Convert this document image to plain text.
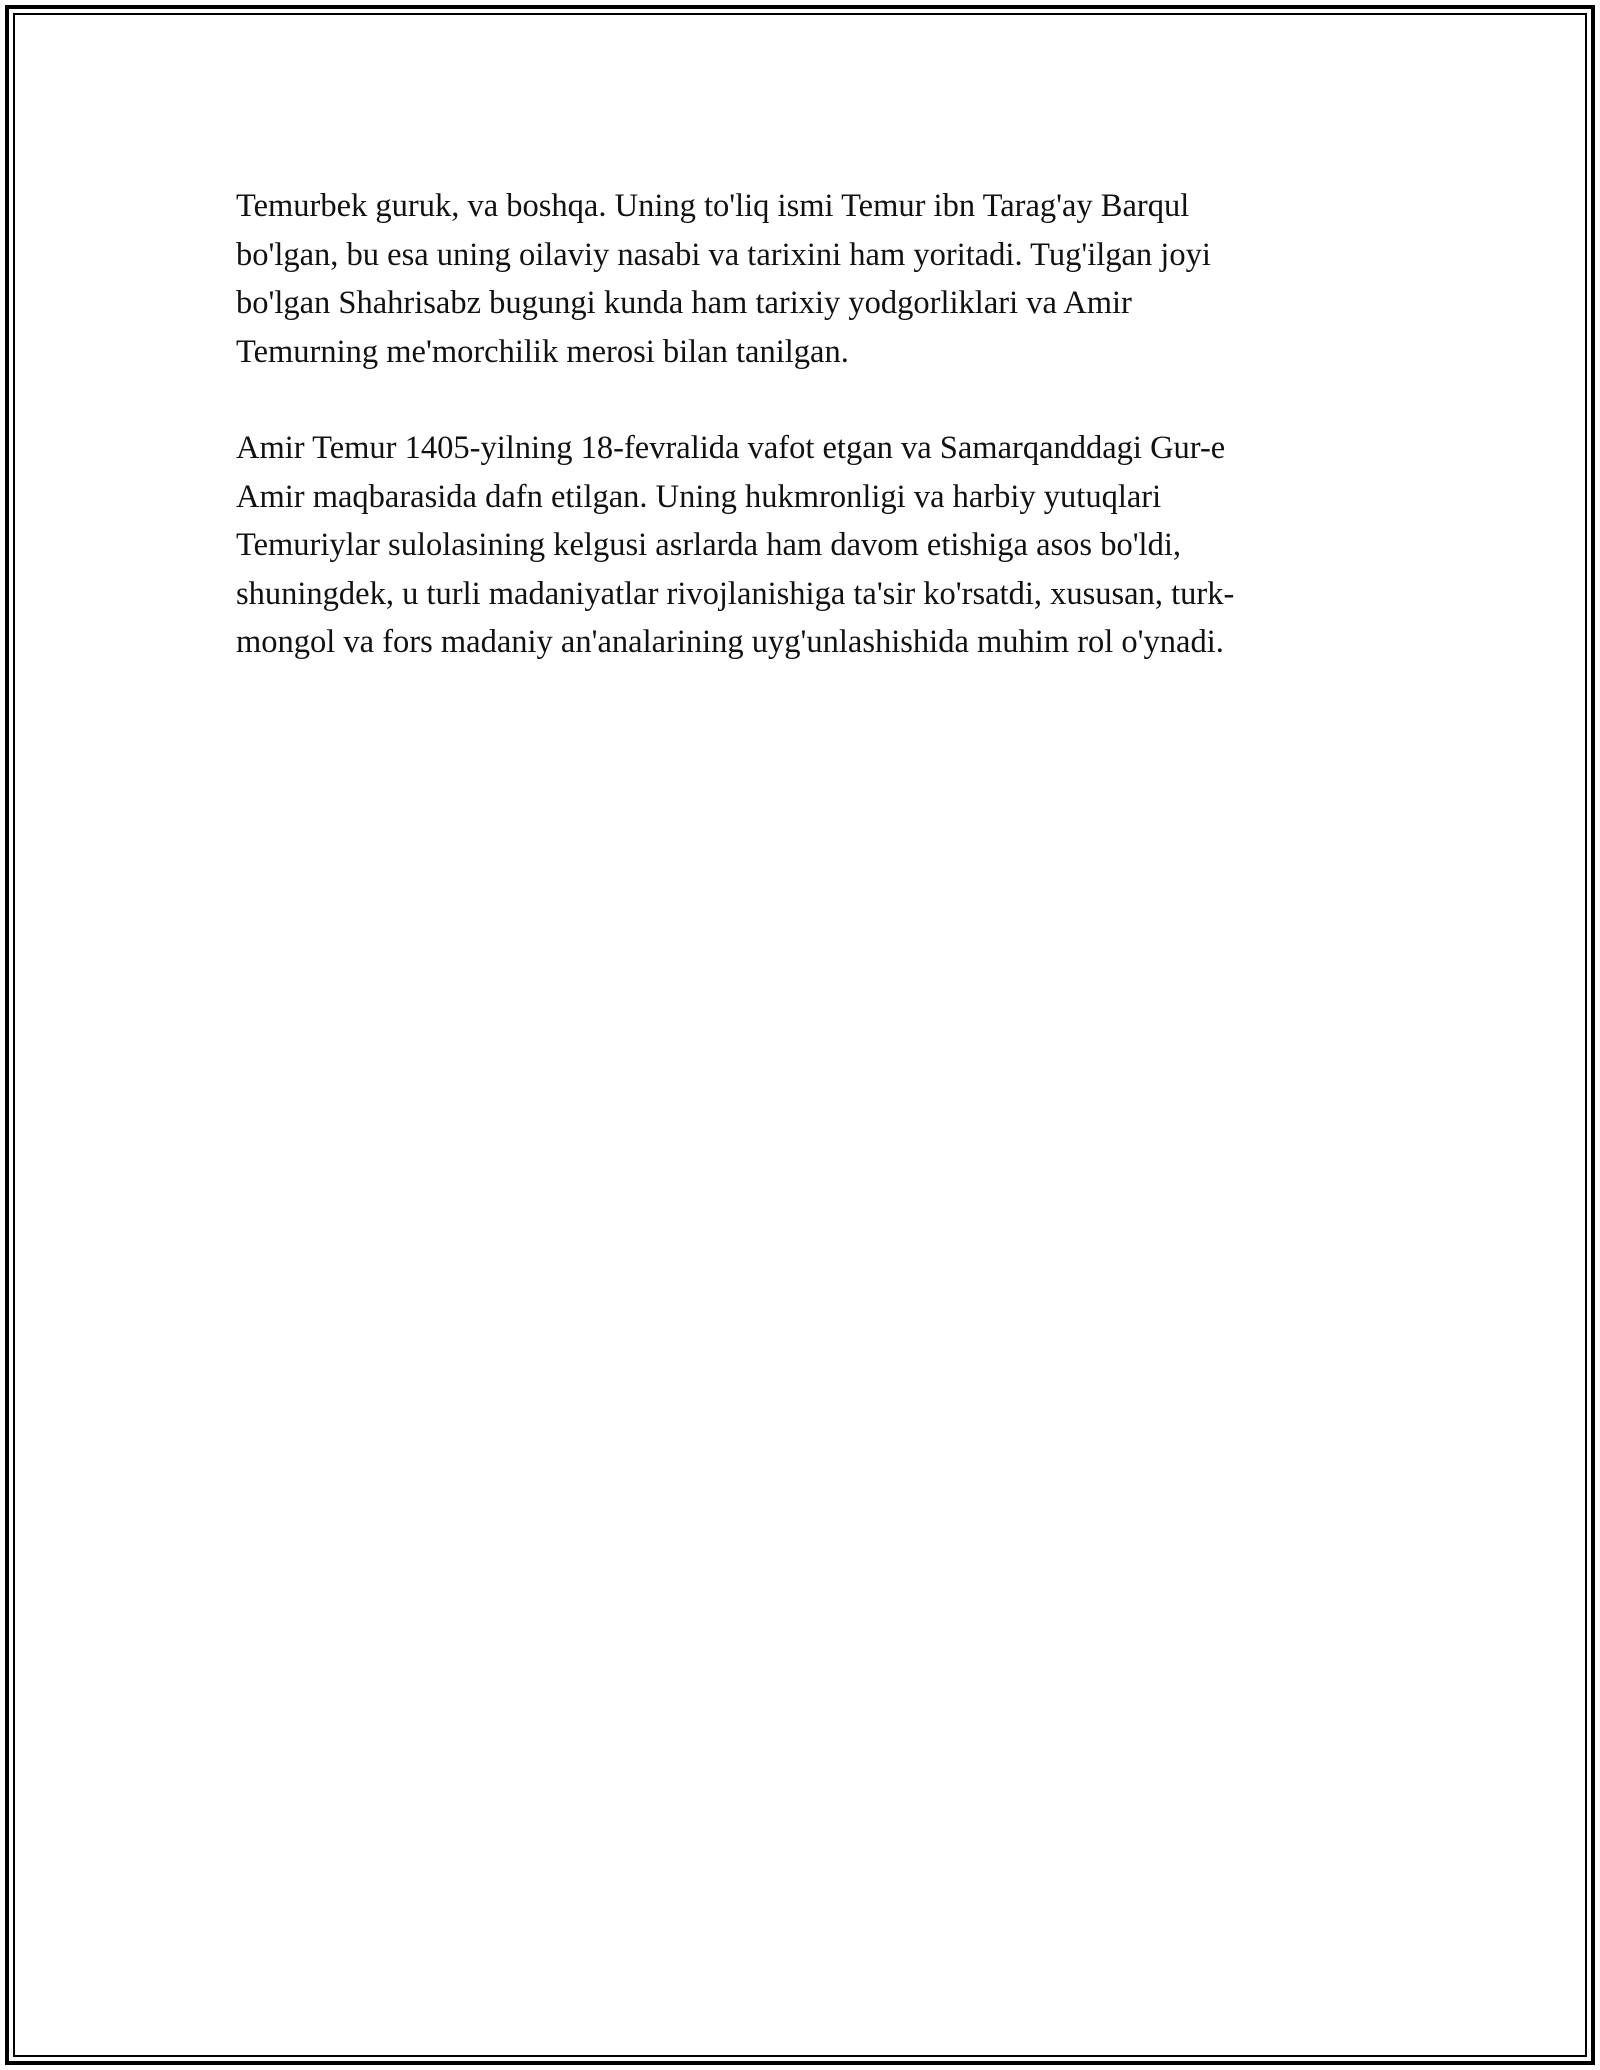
Temurbek guruk, va boshqa. Uning to'liq ismi Temur ibn Tarag'ay Barqul
bo'lgan, bu esa uning oilaviy nasabi va tarixini ham yoritadi. Tug'ilgan joyi
bo'lgan Shahrisabz bugungi kunda ham tarixiy yodgorliklari va Amir
Temurning me'morchilik merosi bilan tanilgan.

Amir Temur 1405-yilning 18-fevralida vafot etgan va Samarqanddagi Gur-e
Amir maqbarasida dafn etilgan. Uning hukmronligi va harbiy yutuqlari
Temuriylar sulolasining kelgusi asrlarda ham davom etishiga asos bo'ldi,
shuningdek, u turli madaniyatlar rivojlanishiga ta'sir ko'rsatdi, xususan, turk-
mongol va fors madaniy an'analarining uyg'unlashishida muhim rol o'ynadi.
